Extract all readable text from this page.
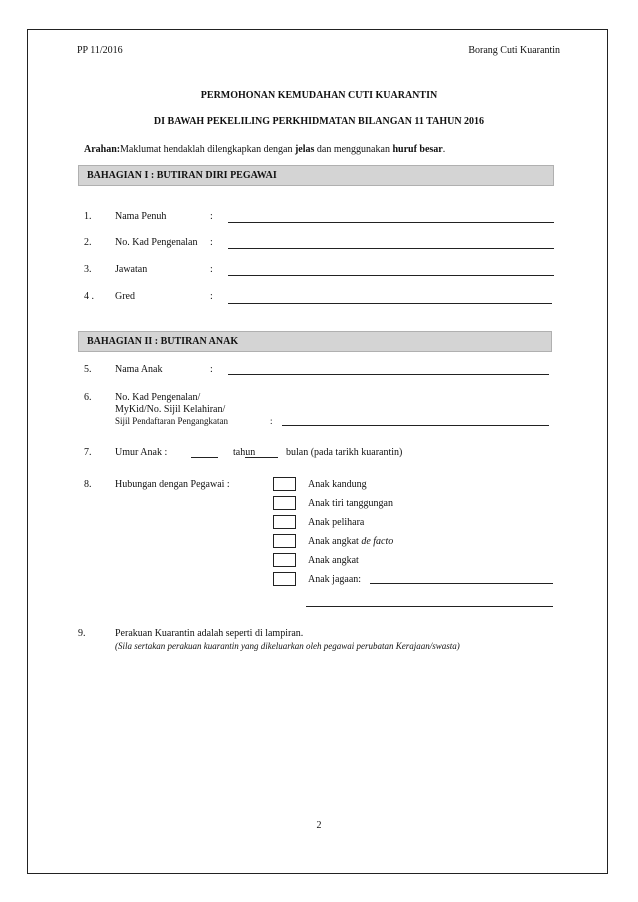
PP 11/2016	Borang Cuti Kuarantin
PERMOHONAN KEMUDAHAN CUTI KUARANTIN
DI BAWAH PEKELILING PERKHIDMATAN BILANGAN 11 TAHUN 2016
Arahan: Maklumat hendaklah dilengkapkan dengan jelas dan menggunakan huruf besar.
BAHAGIAN I : BUTIRAN DIRI PEGAWAI
1. Nama Penuh	:
2. No. Kad Pengenalan :
3. Jawatan	:
4 . Gred	:
BAHAGIAN II : BUTIRAN ANAK
5. Nama Anak	:
6. No. Kad Pengenalan/
MyKid/No. Sijil Kelahiran/
Sijil Pendaftaran Pengangkatan	:
7. Umur Anak :	tahun	bulan (pada tarikh kuarantin)
8. Hubungan dengan Pegawai :	Anak kandung
Anak tiri tanggungan
Anak pelihara
Anak angkat de facto
Anak angkat
Anak jagaan:
9.	Perakuan Kuarantin adalah seperti di lampiran.
(Sila sertakan perakuan kuarantin yang dikeluarkan oleh pegawai perubatan Kerajaan/swasta)
2
